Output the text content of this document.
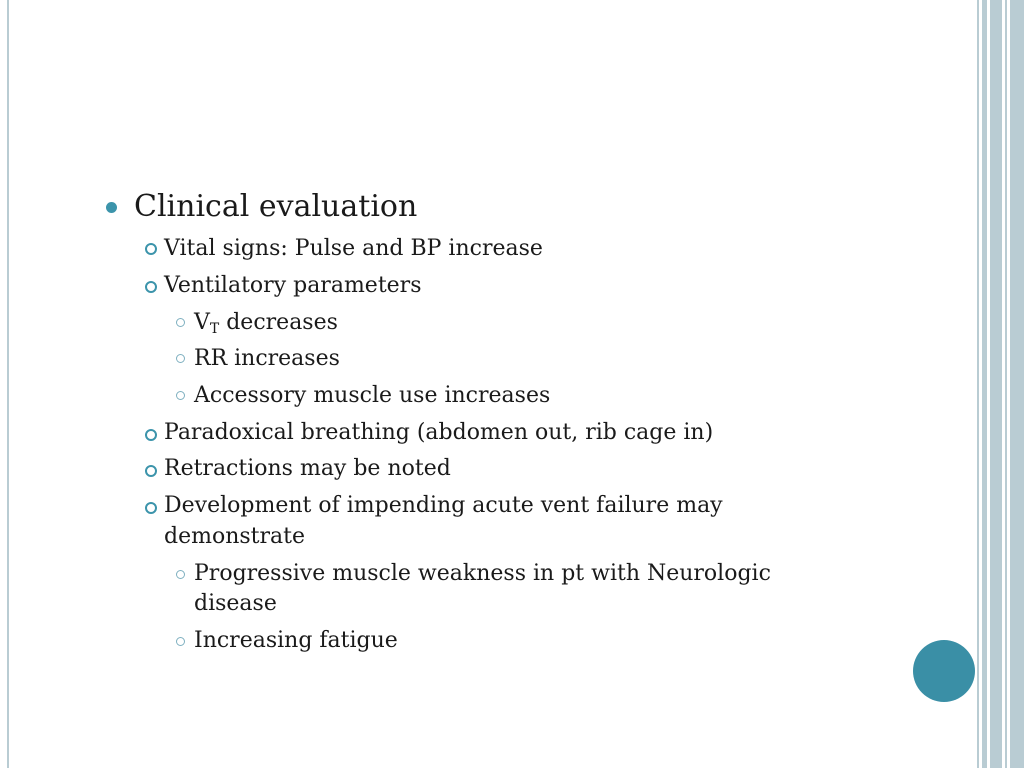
Clinical evaluation
Vital signs: Pulse and BP increase
Ventilatory parameters
$V_T$ decreases
RR increases
Accessory muscle use increases
Paradoxical breathing (abdomen out, rib cage in)
Retractions may be noted
Development of impending acute vent failure may
demonstrate
Progressive muscle weakness in pt with Neurologic
disease
Increasing fatigue
